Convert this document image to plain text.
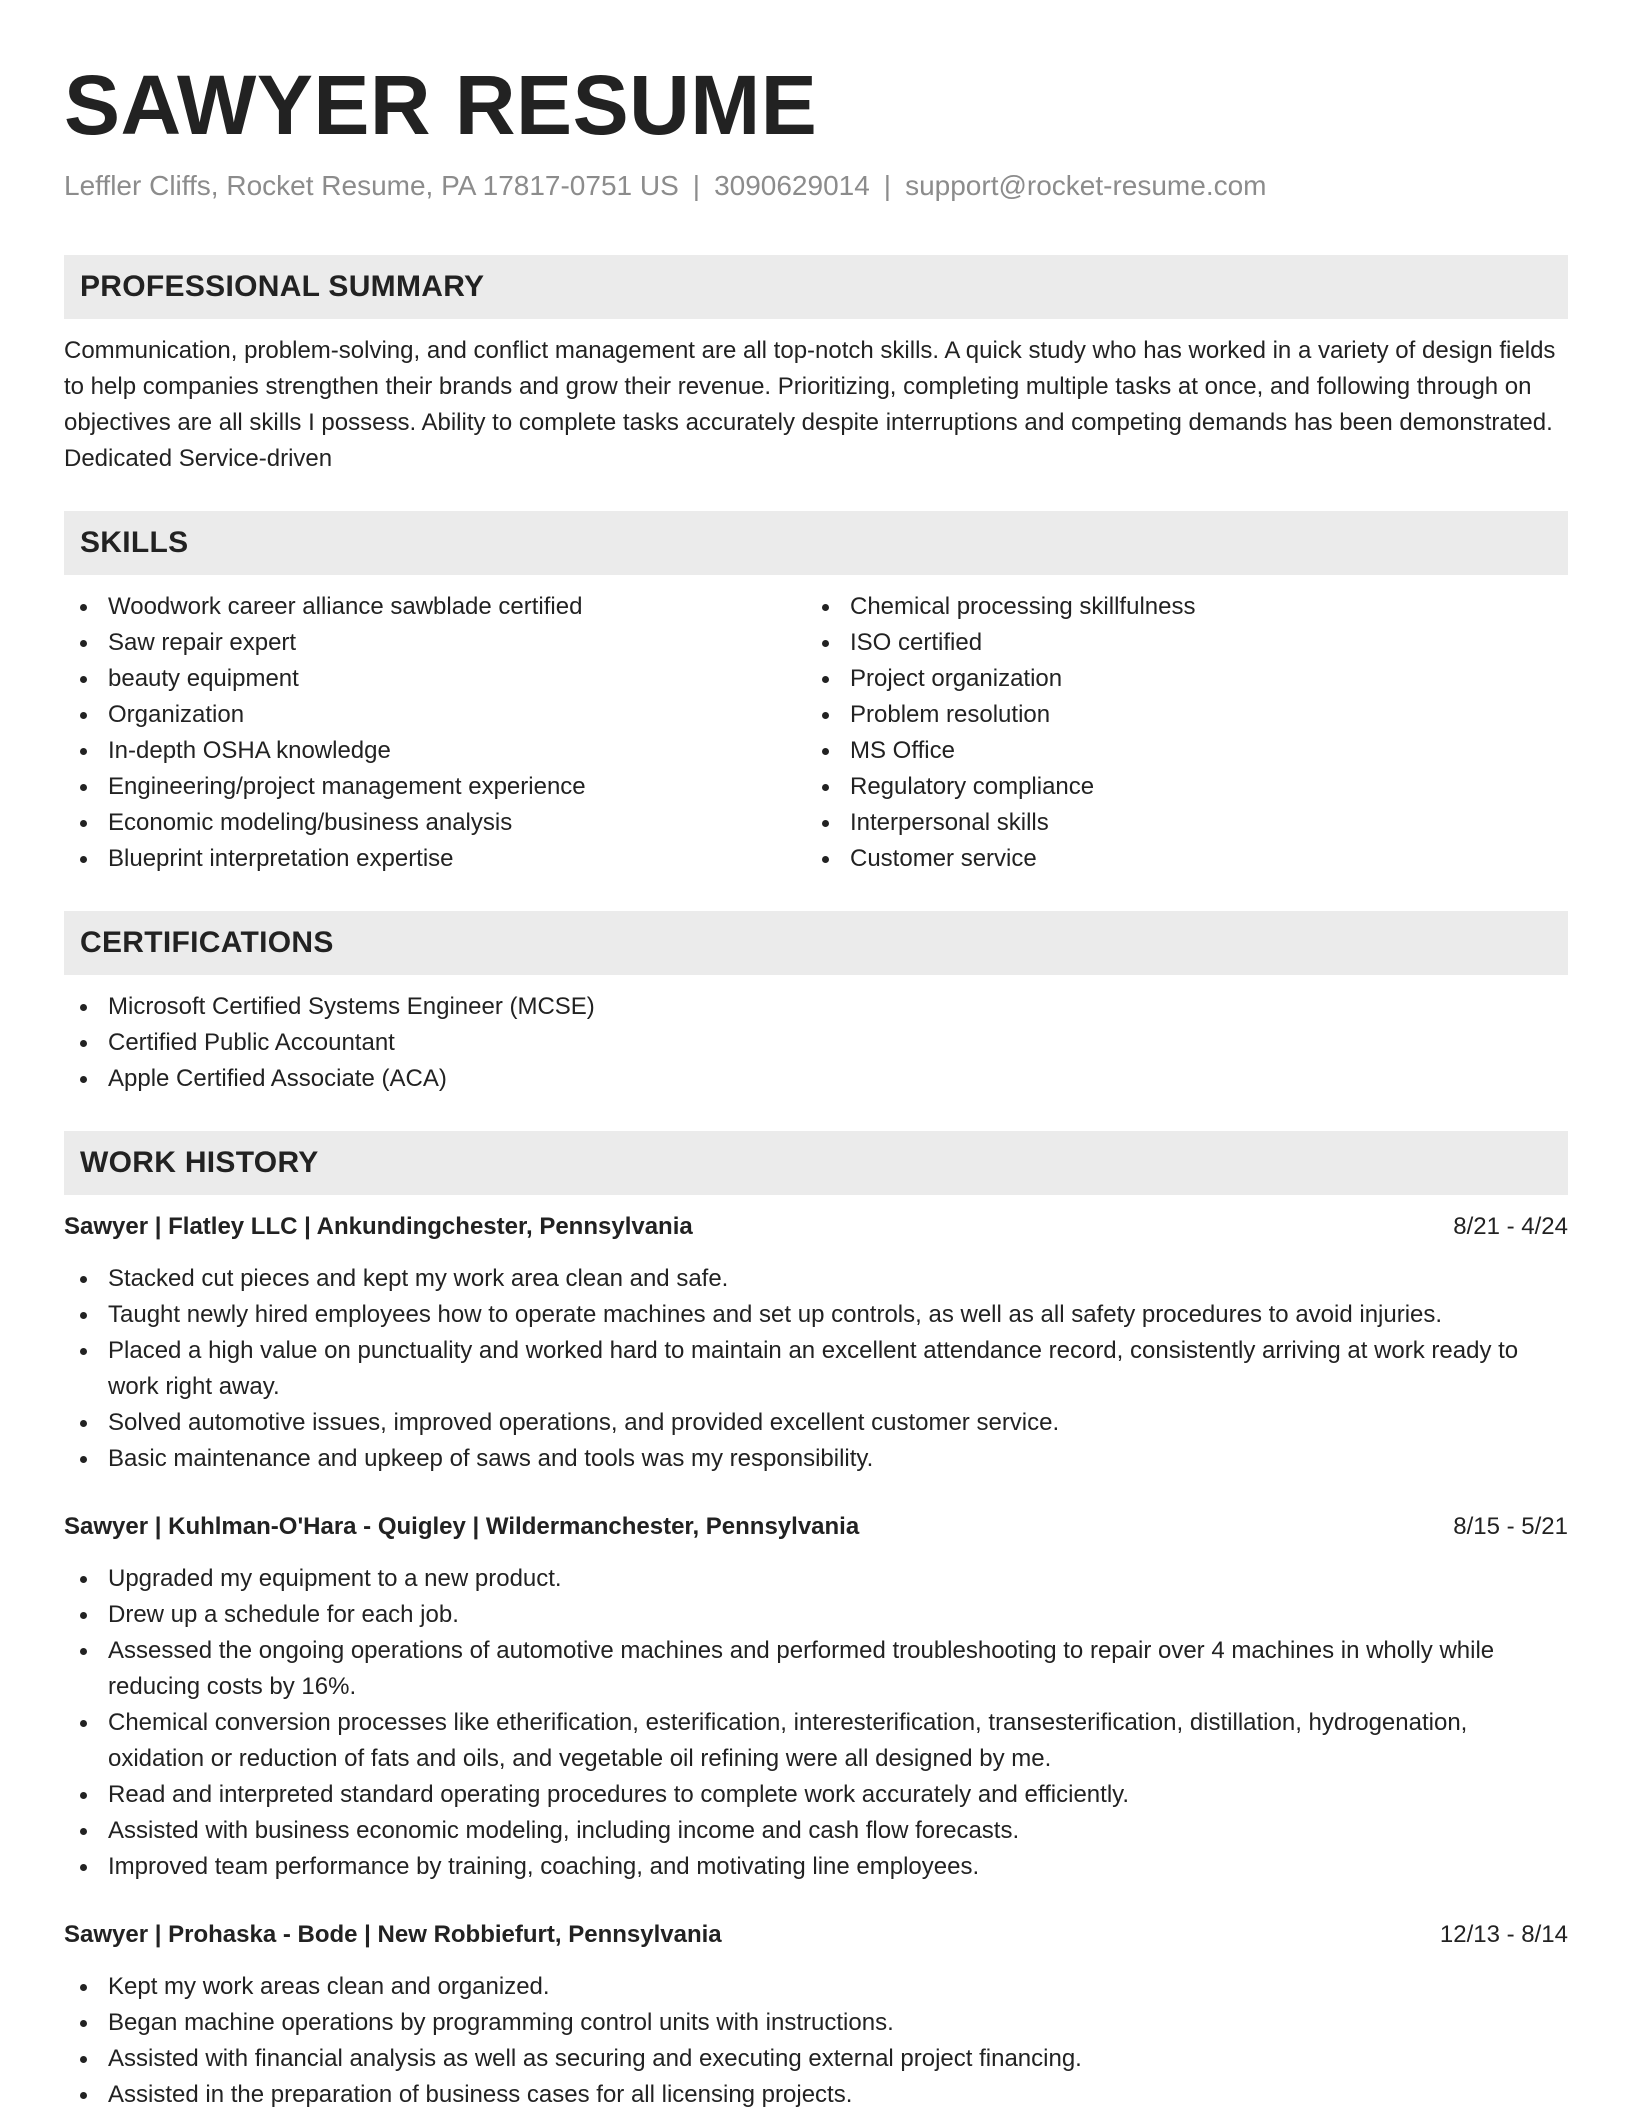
SAWYER RESUME
Leffler Cliffs, Rocket Resume, PA 17817-0751 US | 3090629014 | support@rocket-resume.com
PROFESSIONAL SUMMARY

Communication, problem-solving, and conflict management are all top-notch skills. A quick study who has worked in a variety of design fields to help companies strengthen their brands and grow their revenue. Prioritizing, completing multiple tasks at once, and following through on objectives are all skills I possess. Ability to complete tasks accurately despite interruptions and competing demands has been demonstrated. Dedicated Service-driven

SKILLS
Woodwork career alliance sawblade certified
Saw repair expert
beauty equipment
Organization
In-depth OSHA knowledge
Engineering/project management experience
Economic modeling/business analysis
Blueprint interpretation expertise
Chemical processing skillfulness
ISO certified
Project organization
Problem resolution
MS Office
Regulatory compliance
Interpersonal skills
Customer service
CERTIFICATIONS
Microsoft Certified Systems Engineer (MCSE)
Certified Public Accountant
Apple Certified Associate (ACA)
WORK HISTORY
Sawyer | Flatley LLC | Ankundingchester, Pennsylvania	8/21 - 4/24
Stacked cut pieces and kept my work area clean and safe.
Taught newly hired employees how to operate machines and set up controls, as well as all safety procedures to avoid injuries.
Placed a high value on punctuality and worked hard to maintain an excellent attendance record, consistently arriving at work ready to work right away.
Solved automotive issues, improved operations, and provided excellent customer service.
Basic maintenance and upkeep of saws and tools was my responsibility.
Sawyer | Kuhlman-O'Hara - Quigley | Wildermanchester, Pennsylvania	8/15 - 5/21
Upgraded my equipment to a new product.
Drew up a schedule for each job.
Assessed the ongoing operations of automotive machines and performed troubleshooting to repair over 4 machines in wholly while reducing costs by 16%.
Chemical conversion processes like etherification, esterification, interesterification, transesterification, distillation, hydrogenation, oxidation or reduction of fats and oils, and vegetable oil refining were all designed by me.
Read and interpreted standard operating procedures to complete work accurately and efficiently.
Assisted with business economic modeling, including income and cash flow forecasts.
Improved team performance by training, coaching, and motivating line employees.
Sawyer | Prohaska - Bode | New Robbiefurt, Pennsylvania	12/13 - 8/14
Kept my work areas clean and organized.
Began machine operations by programming control units with instructions.
Assisted with financial analysis as well as securing and executing external project financing.
Assisted in the preparation of business cases for all licensing projects.
